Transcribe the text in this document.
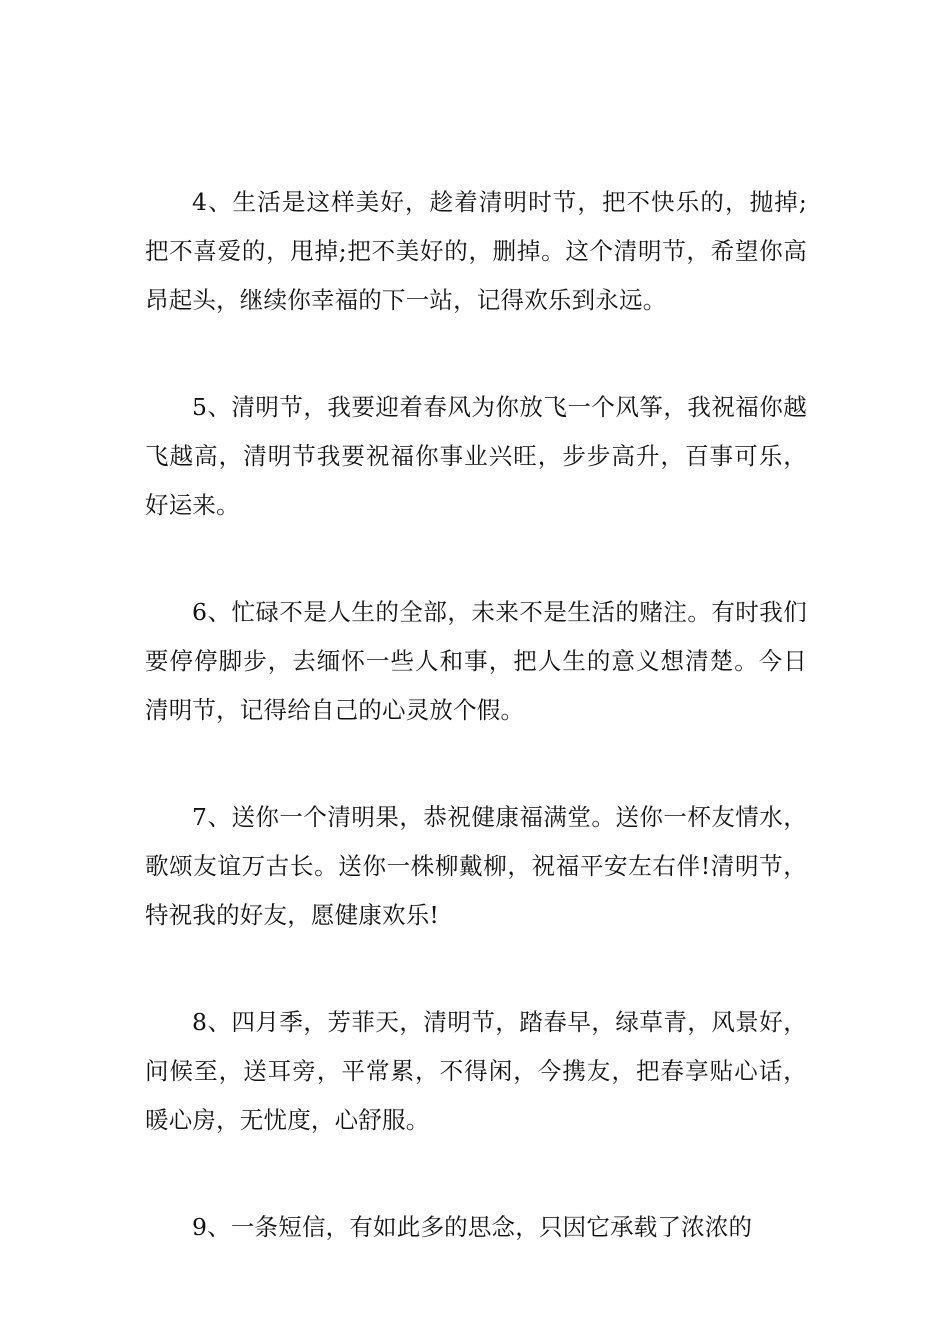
4、生活是这样美好，趁着清明时节，把不快乐的，抛掉;把不喜爱的，甩掉;把不美好的，删掉。这个清明节，希望你高昂起头，继续你幸福的下一站，记得欢乐到永远。

5、清明节，我要迎着春风为你放飞一个风筝，我祝福你越飞越高，清明节我要祝福你事业兴旺，步步高升，百事可乐，好运来。

6、忙碌不是人生的全部，未来不是生活的赌注。有时我们要停停脚步，去缅怀一些人和事，把人生的意义想清楚。今日清明节，记得给自己的心灵放个假。

7、送你一个清明果，恭祝健康福满堂。送你一杯友情水，歌颂友谊万古长。送你一株柳戴柳，祝福平安左右伴!清明节，特祝我的好友，愿健康欢乐!

8、四月季，芳菲天，清明节，踏春早，绿草青，风景好，问候至，送耳旁，平常累，不得闲，今携友，把春享贴心话，暖心房，无忧度，心舒服。

9、一条短信，有如此多的思念，只因它承载了浓浓的
